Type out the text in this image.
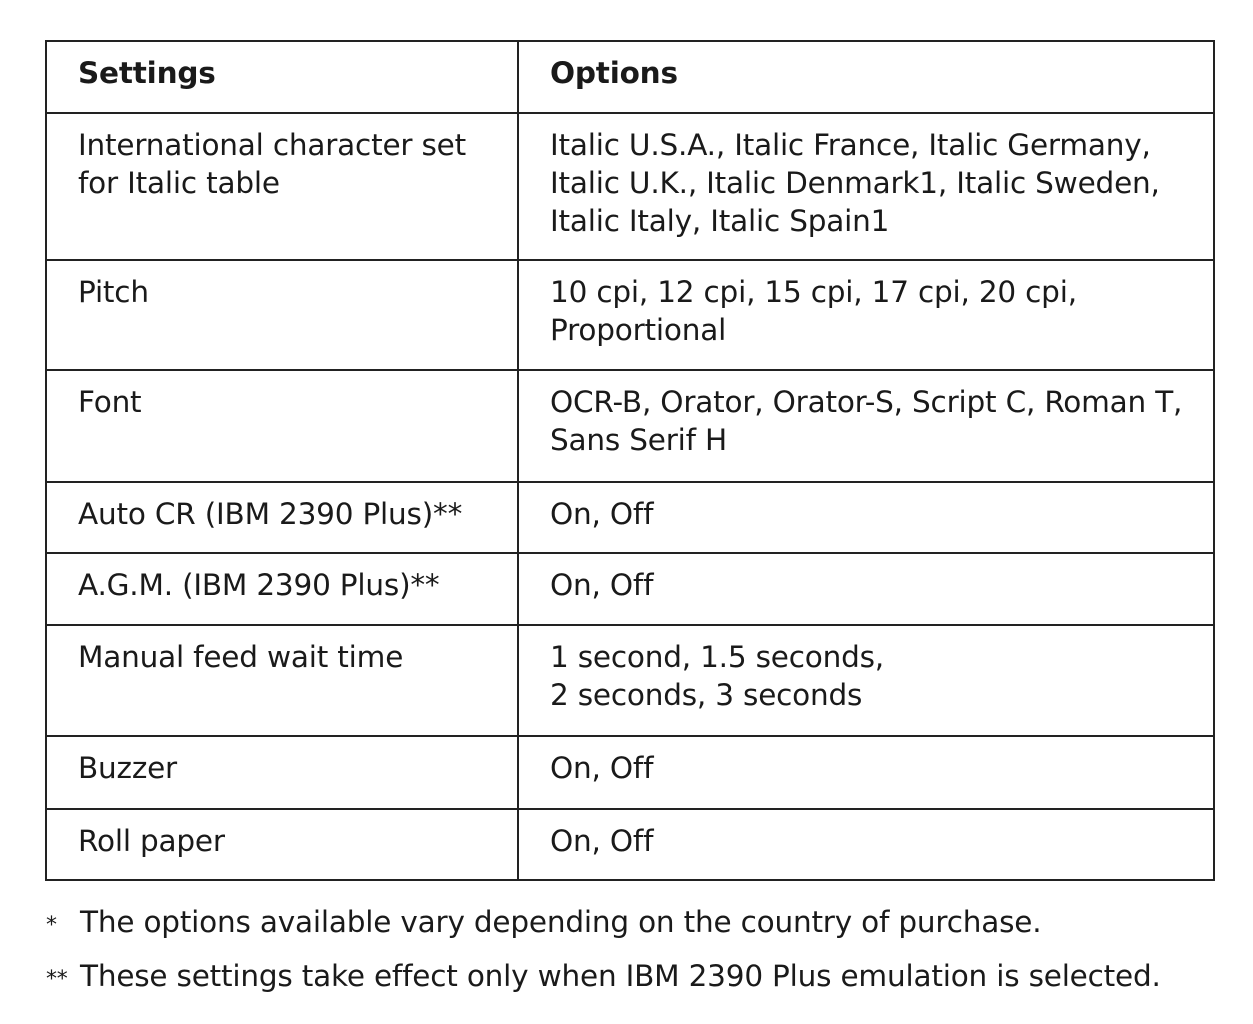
Settings	Options
International character set
for Italic table	Italic U.S.A., Italic France, Italic Germany,
Italic U.K., Italic Denmark1, Italic Sweden,
Italic Italy, Italic Spain1
Pitch	10 cpi, 12 cpi, 15 cpi, 17 cpi, 20 cpi,
Proportional
Font	OCR-B, Orator, Orator-S, Script C, Roman T,
Sans Serif H
Auto CR (IBM 2390 Plus)**	On, Off
A.G.M. (IBM 2390 Plus)**	On, Off
Manual feed wait time	1 second, 1.5 seconds,
2 seconds, 3 seconds
Buzzer	On, Off
Roll paper	On, Off
* The options available vary depending on the country of purchase.
** These settings take effect only when IBM 2390 Plus emulation is selected.
